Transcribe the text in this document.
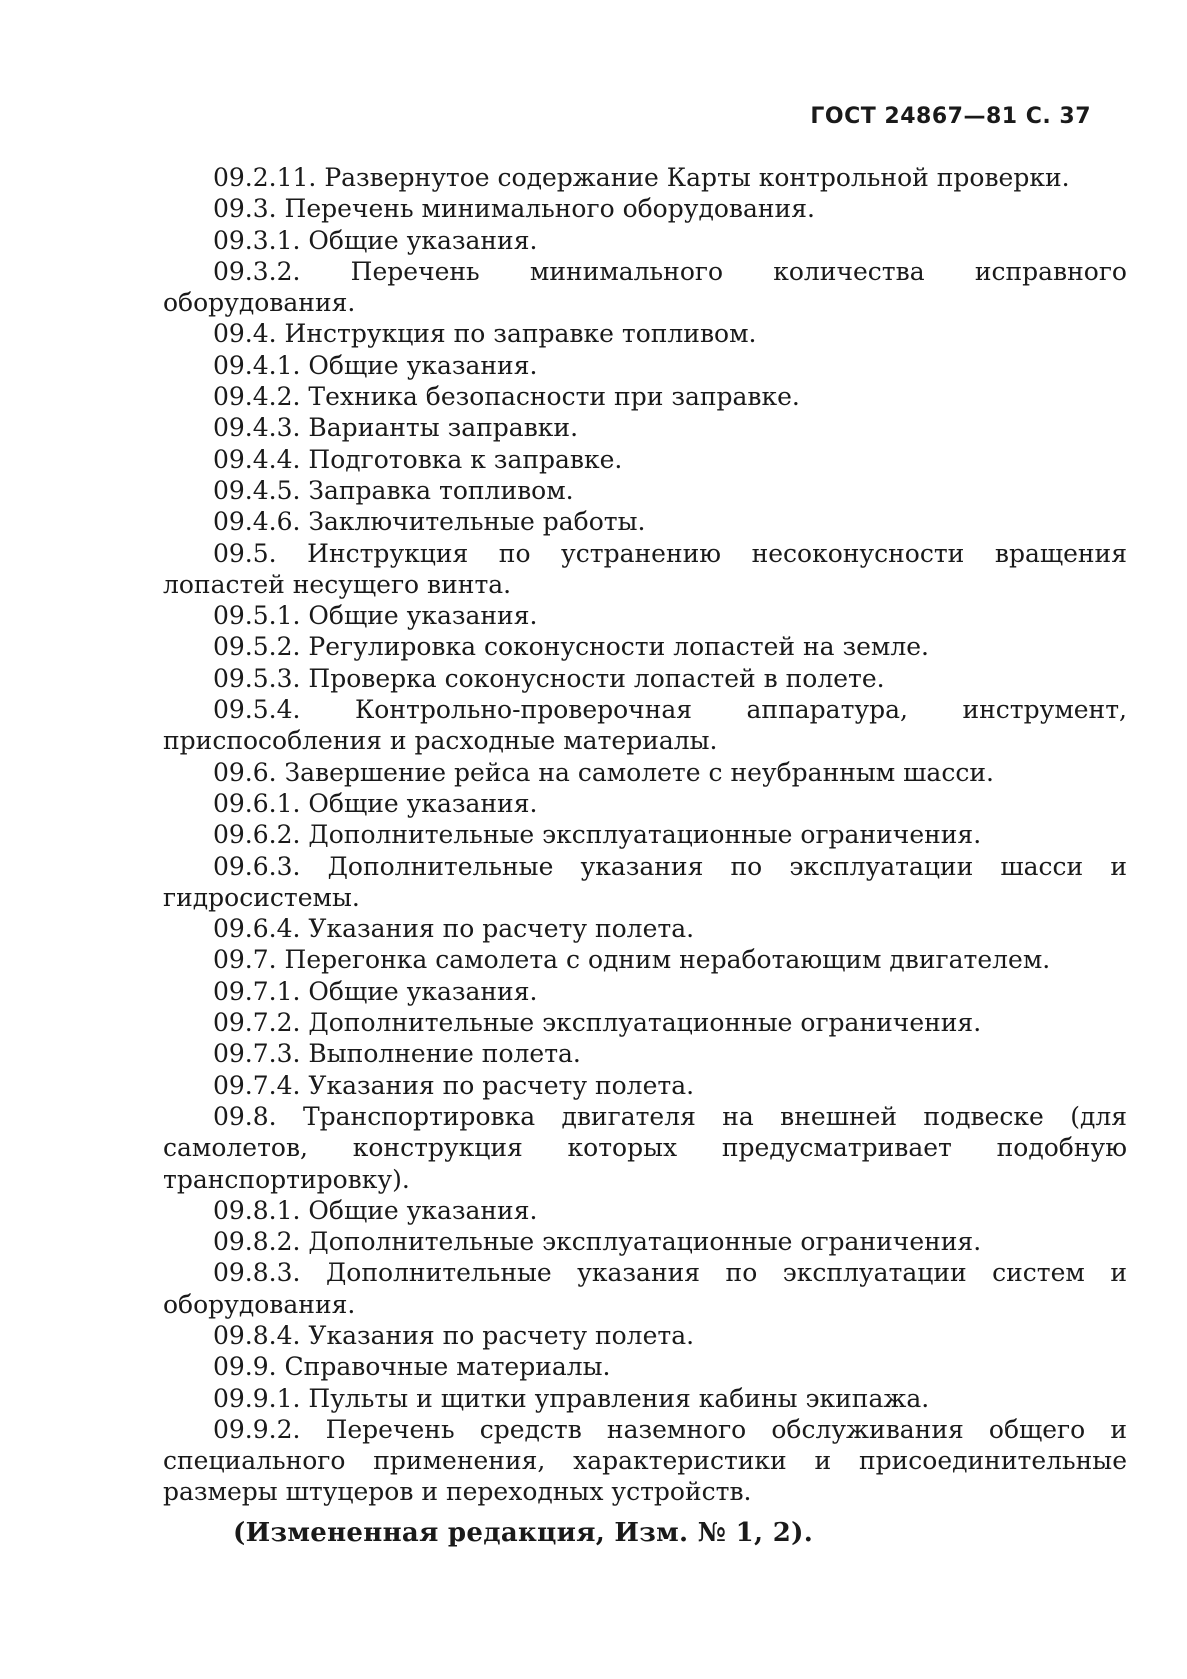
ГОСТ 24867—81 С. 37

09.2.11. Развернутое содержание Карты контрольной проверки.

09.3. Перечень минимального оборудования.

09.3.1. Общие указания.

09.3.2. Перечень минимального количества исправного оборудования.

09.4. Инструкция по заправке топливом.

09.4.1. Общие указания.

09.4.2. Техника безопасности при заправке.

09.4.3. Варианты заправки.

09.4.4. Подготовка к заправке.

09.4.5. Заправка топливом.

09.4.6. Заключительные работы.

09.5. Инструкция по устранению несоконусности вращения лопастей несущего винта.

09.5.1. Общие указания.

09.5.2. Регулировка соконусности лопастей на земле.

09.5.3. Проверка соконусности лопастей в полете.

09.5.4. Контрольно-проверочная аппаратура, инструмент, приспособления и расходные материалы.

09.6. Завершение рейса на самолете с неубранным шасси.

09.6.1. Общие указания.

09.6.2. Дополнительные эксплуатационные ограничения.

09.6.3. Дополнительные указания по эксплуатации шасси и гидросистемы.

09.6.4. Указания по расчету полета.

09.7. Перегонка самолета с одним неработающим двигателем.

09.7.1. Общие указания.

09.7.2. Дополнительные эксплуатационные ограничения.

09.7.3. Выполнение полета.

09.7.4. Указания по расчету полета.

09.8. Транспортировка двигателя на внешней подвеске (для самолетов, конструкция которых предусматривает подобную транспортировку).

09.8.1. Общие указания.

09.8.2. Дополнительные эксплуатационные ограничения.

09.8.3. Дополнительные указания по эксплуатации систем и оборудования.

09.8.4. Указания по расчету полета.

09.9. Справочные материалы.

09.9.1. Пульты и щитки управления кабины экипажа.

09.9.2. Перечень средств наземного обслуживания общего и специального применения, характеристики и присоединительные размеры штуцеров и переходных устройств.

(Измененная редакция, Изм. № 1, 2).
